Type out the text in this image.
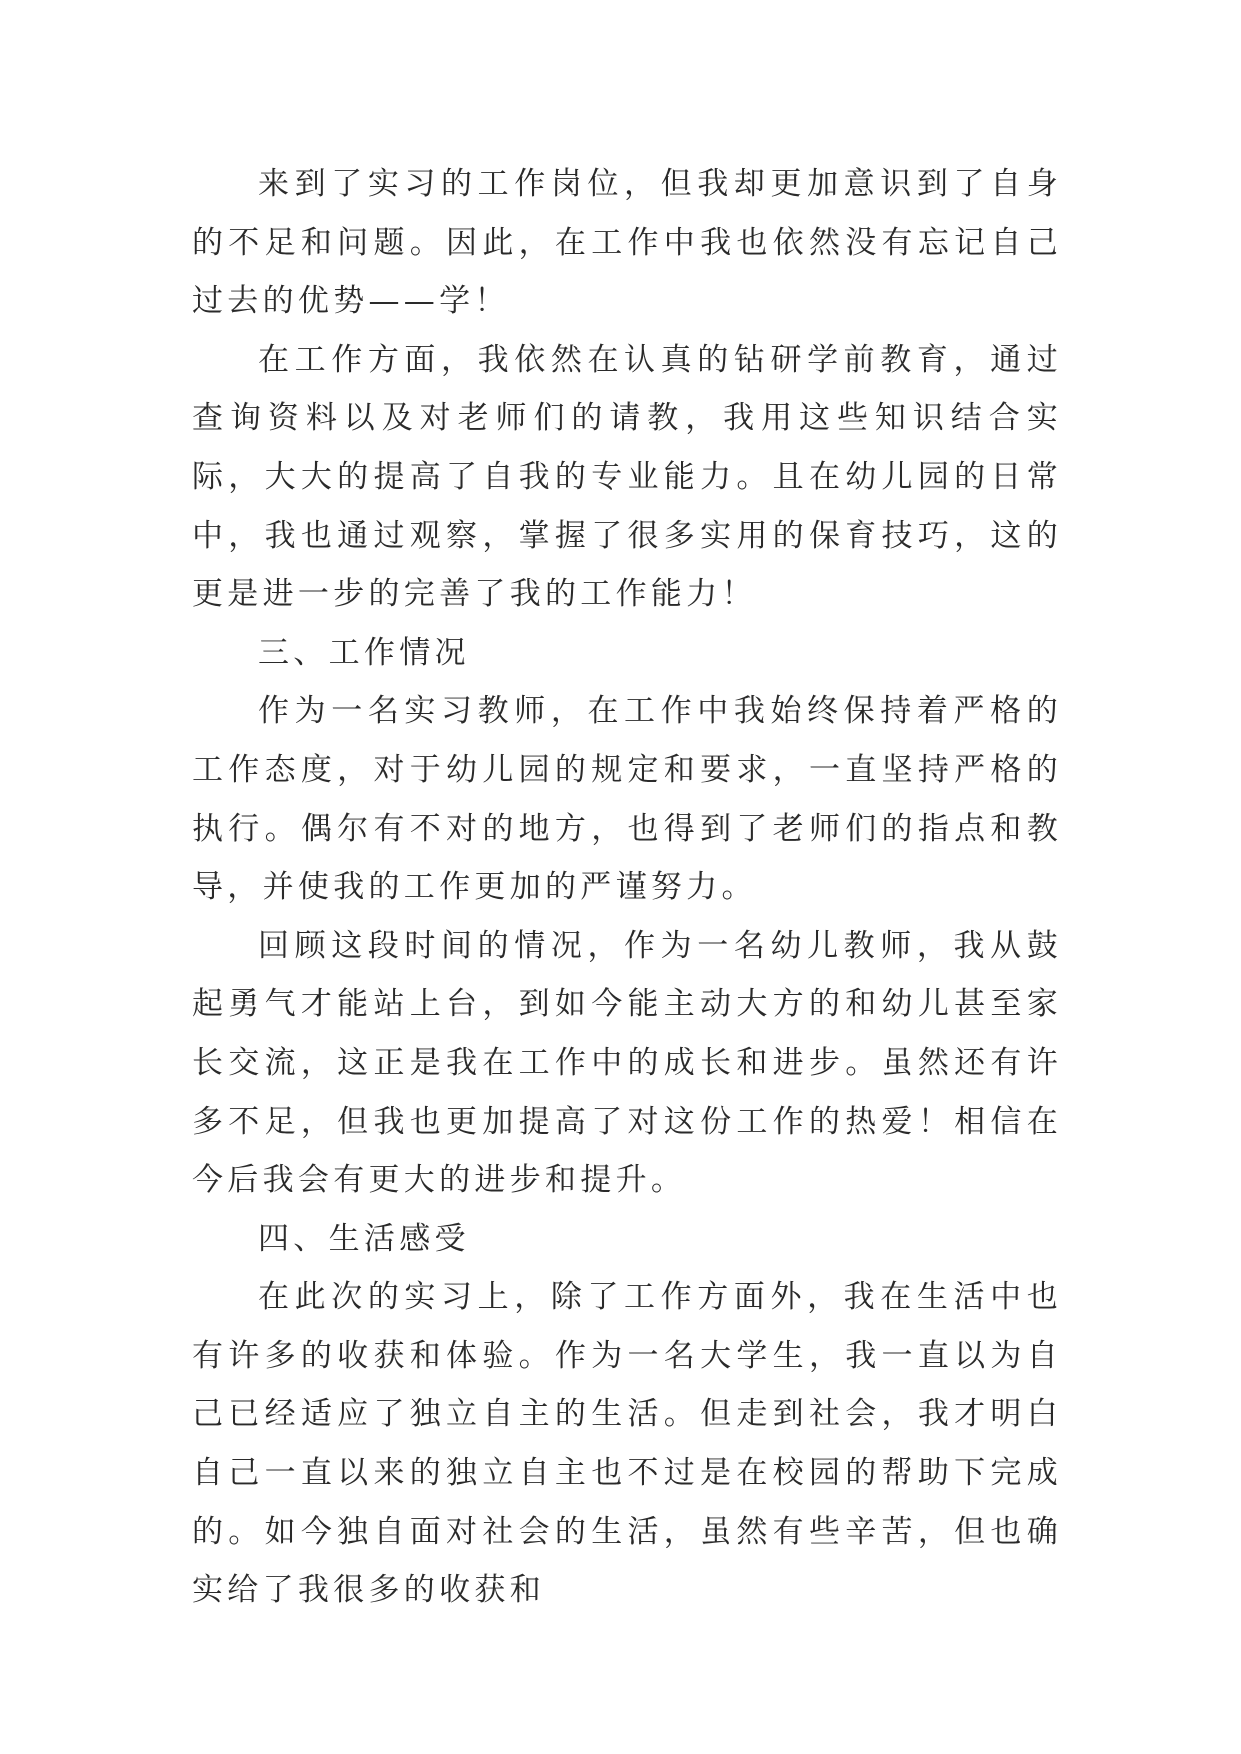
来到了实习的工作岗位，但我却更加意识到了自身的不足和问题。因此，在工作中我也依然没有忘记自己过去的优势——学！

在工作方面，我依然在认真的钻研学前教育，通过查询资料以及对老师们的请教，我用这些知识结合实际，大大的提高了自我的专业能力。且在幼儿园的日常中，我也通过观察，掌握了很多实用的保育技巧，这的更是进一步的完善了我的工作能力！

三、工作情况

作为一名实习教师，在工作中我始终保持着严格的工作态度，对于幼儿园的规定和要求，一直坚持严格的执行。偶尔有不对的地方，也得到了老师们的指点和教导，并使我的工作更加的严谨努力。

回顾这段时间的情况，作为一名幼儿教师，我从鼓起勇气才能站上台，到如今能主动大方的和幼儿甚至家长交流，这正是我在工作中的成长和进步。虽然还有许多不足，但我也更加提高了对这份工作的热爱！相信在今后我会有更大的进步和提升。

四、生活感受

在此次的实习上，除了工作方面外，我在生活中也有许多的收获和体验。作为一名大学生，我一直以为自己已经适应了独立自主的生活。但走到社会，我才明白自己一直以来的独立自主也不过是在校园的帮助下完成的。如今独自面对社会的生活，虽然有些辛苦，但也确实给了我很多的收获和
